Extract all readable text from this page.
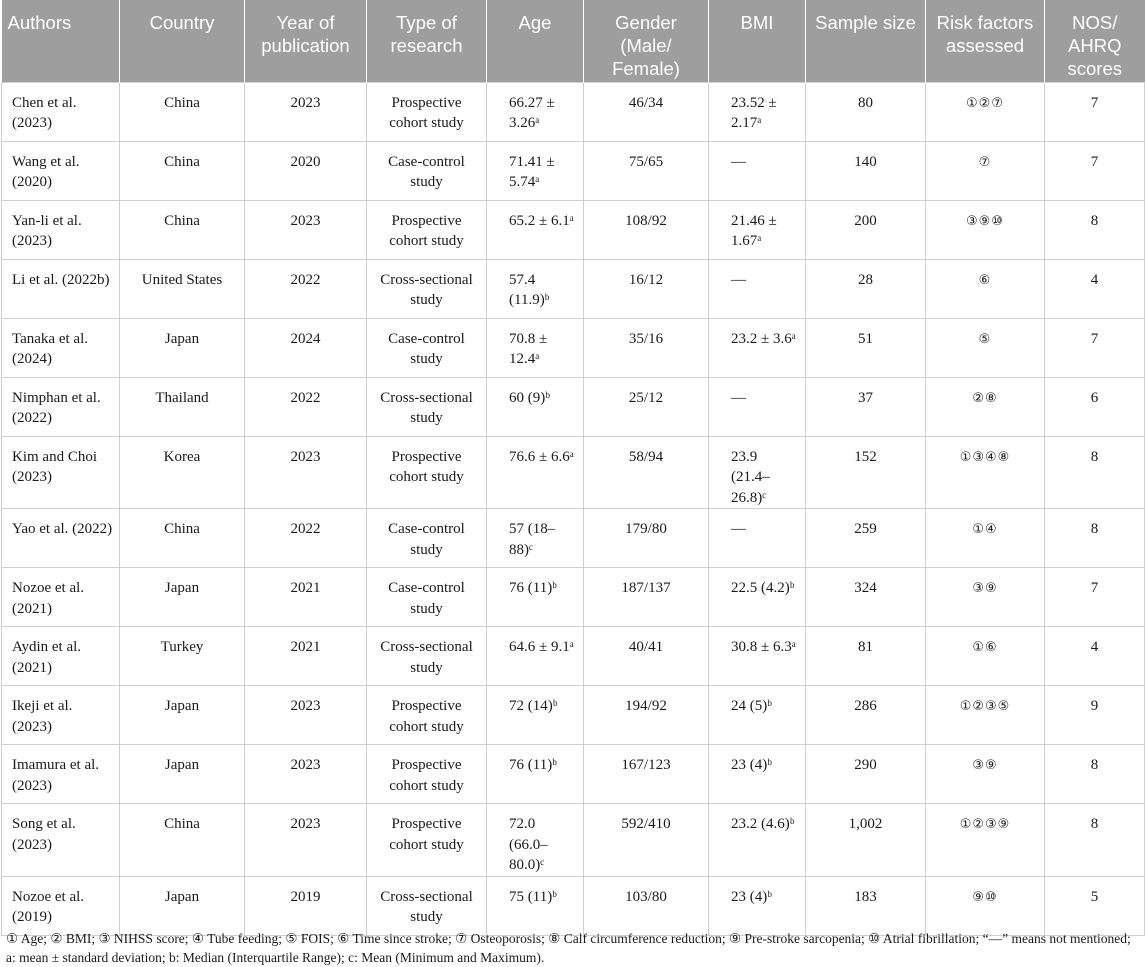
Authors	Country	Year of publication	Type of research	Age	Gender (Male/ Female)	BMI	Sample size	Risk factors assessed	NOS/ AHRQ scores
Chen et al. (2023)	China	2023	Prospective cohort study	66.27 ± 3.26ᵃ	46/34	23.52 ± 2.17ᵃ	80	①②⑦	7
Wang et al. (2020)	China	2020	Case-control study	71.41 ± 5.74ᵃ	75/65	—	140	⑦	7
Yan-li et al. (2023)	China	2023	Prospective cohort study	65.2 ± 6.1ᵃ	108/92	21.46 ± 1.67ᵃ	200	③⑨⑩	8
Li et al. (2022b)	United States	2022	Cross-sectional study	57.4 (11.9)ᵇ	16/12	—	28	⑥	4
Tanaka et al. (2024)	Japan	2024	Case-control study	70.8 ± 12.4ᵃ	35/16	23.2 ± 3.6ᵃ	51	⑤	7
Nimphan et al. (2022)	Thailand	2022	Cross-sectional study	60 (9)ᵇ	25/12	—	37	②⑧	6
Kim and Choi (2023)	Korea	2023	Prospective cohort study	76.6 ± 6.6ᵃ	58/94	23.9 (21.4–26.8)ᶜ	152	①③④⑧	8
Yao et al. (2022)	China	2022	Case-control study	57 (18–88)ᶜ	179/80	—	259	①④	8
Nozoe et al. (2021)	Japan	2021	Case-control study	76 (11)ᵇ	187/137	22.5 (4.2)ᵇ	324	③⑨	7
Aydin et al. (2021)	Turkey	2021	Cross-sectional study	64.6 ± 9.1ᵃ	40/41	30.8 ± 6.3ᵃ	81	①⑥	4
Ikeji et al. (2023)	Japan	2023	Prospective cohort study	72 (14)ᵇ	194/92	24 (5)ᵇ	286	①②③⑤	9
Imamura et al. (2023)	Japan	2023	Prospective cohort study	76 (11)ᵇ	167/123	23 (4)ᵇ	290	③⑨	8
Song et al. (2023)	China	2023	Prospective cohort study	72.0 (66.0–80.0)ᶜ	592/410	23.2 (4.6)ᵇ	1,002	①②③⑨	8
Nozoe et al. (2019)	Japan	2019	Cross-sectional study	75 (11)ᵇ	103/80	23 (4)ᵇ	183	⑨⑩	5
① Age; ② BMI; ③ NIHSS score; ④ Tube feeding; ⑤ FOIS; ⑥ Time since stroke; ⑦ Osteoporosis; ⑧ Calf circumference reduction; ⑨ Pre-stroke sarcopenia; ⑩ Atrial fibrillation; “—” means not mentioned; a: mean ± standard deviation; b: Median (Interquartile Range); c: Mean (Minimum and Maximum).
